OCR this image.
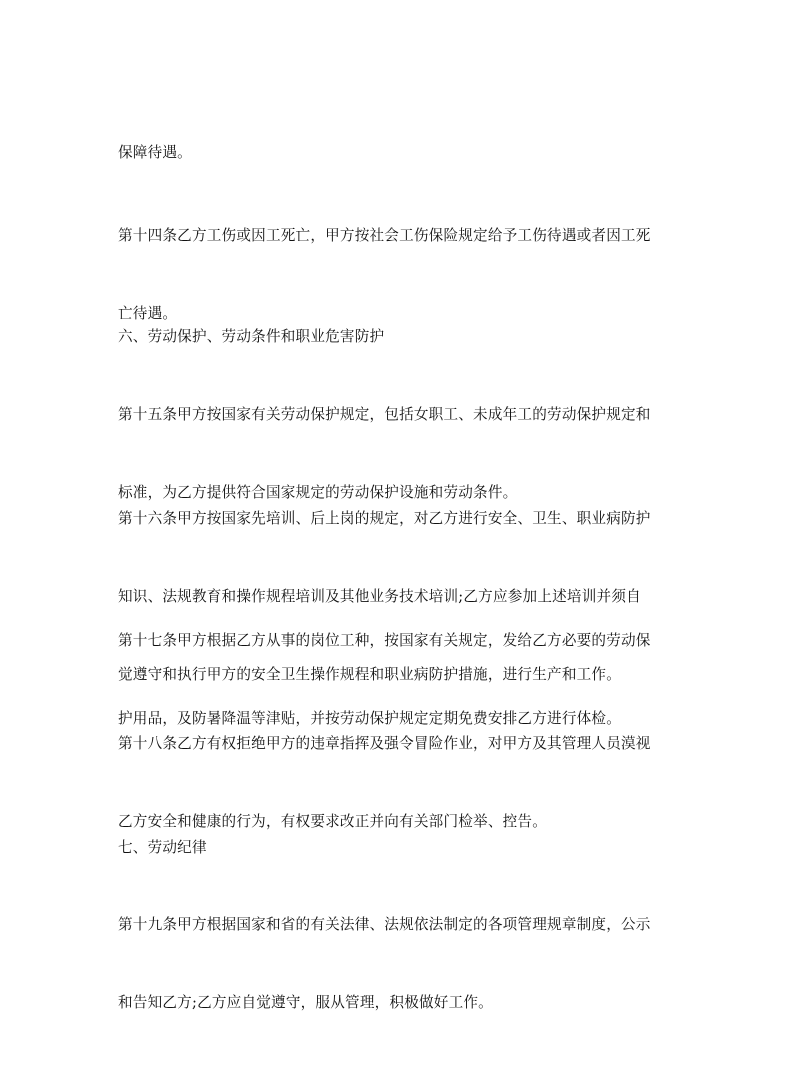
保障待遇。

第十四条乙方工伤或因工死亡，甲方按社会工伤保险规定给予工伤待遇或者因工死

亡待遇。

六、劳动保护、劳动条件和职业危害防护

第十五条甲方按国家有关劳动保护规定，包括女职工、未成年工的劳动保护规定和

标准，为乙方提供符合国家规定的劳动保护设施和劳动条件。

第十六条甲方按国家先培训、后上岗的规定，对乙方进行安全、卫生、职业病防护

知识、法规教育和操作规程培训及其他业务技术培训;乙方应参加上述培训并须自

觉遵守和执行甲方的安全卫生操作规程和职业病防护措施，进行生产和工作。

第十七条甲方根据乙方从事的岗位工种，按国家有关规定，发给乙方必要的劳动保

护用品，及防暑降温等津贴，并按劳动保护规定定期免费安排乙方进行体检。

第十八条乙方有权拒绝甲方的违章指挥及强令冒险作业，对甲方及其管理人员漠视

乙方安全和健康的行为，有权要求改正并向有关部门检举、控告。

七、劳动纪律

第十九条甲方根据国家和省的有关法律、法规依法制定的各项管理规章制度，公示

和告知乙方;乙方应自觉遵守，服从管理，积极做好工作。
